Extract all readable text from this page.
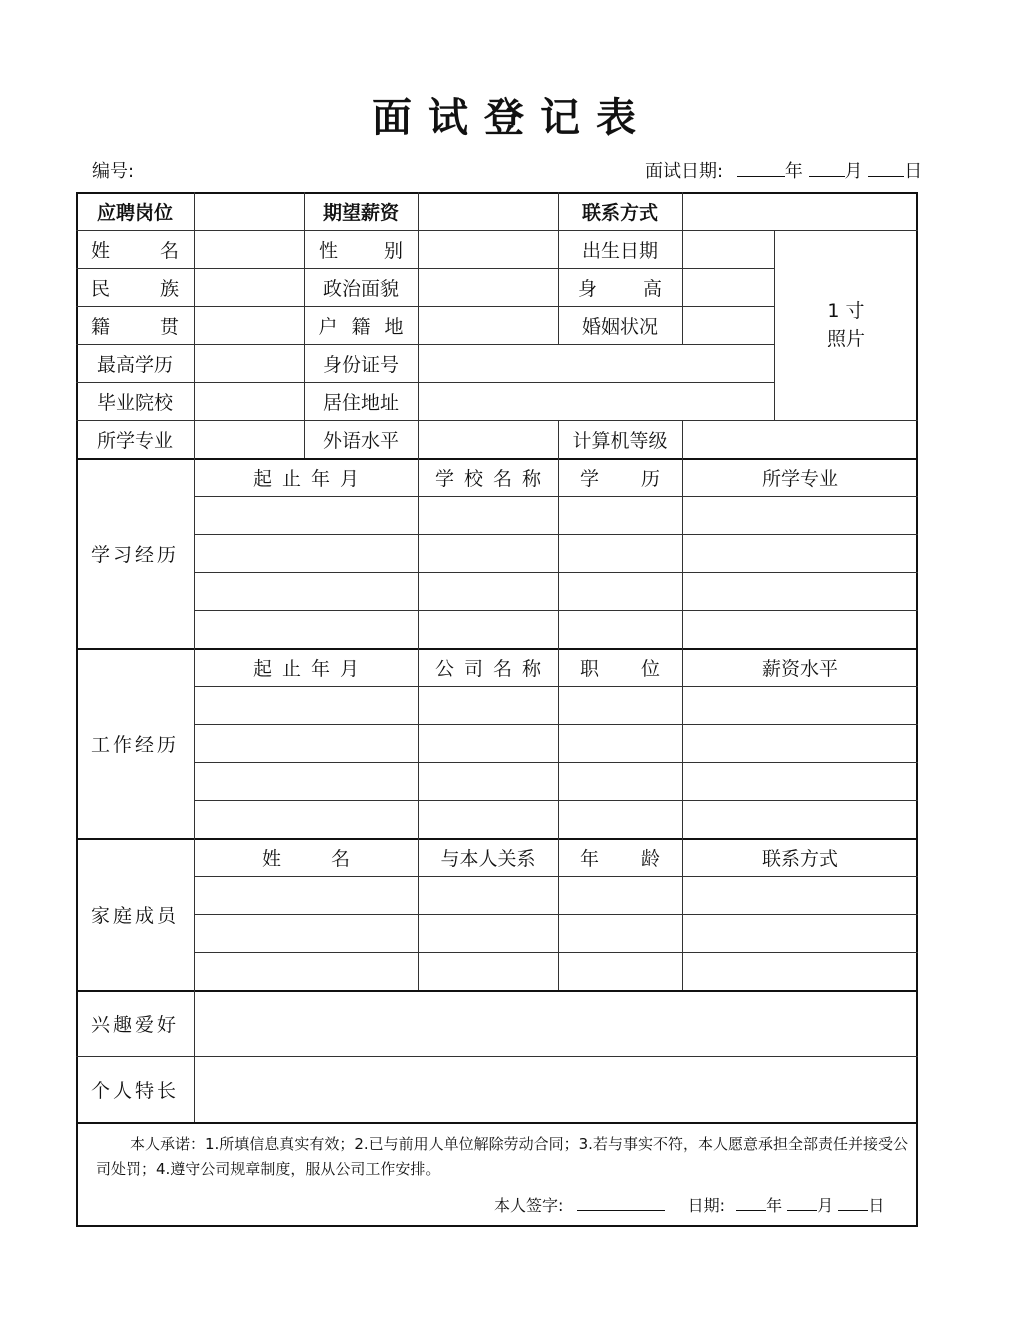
面试登记表
编号:	面试日期:	年 月 日
应聘岗位	期望薪资	联系方式
姓 名	性 别	出生日期
民 族	政治面貌	身 高
籍 贯	户 籍 地	婚姻状况
1 寸
照片
最高学历	身份证号
毕业院校	居住地址
所学专业	外语水平	计算机等级
学习经历
起 止 年 月	学 校 名 称	学 历	所学专业
工作经历
起 止 年 月	公 司 名 称	职 位	薪资水平
家庭成员
姓 名	与本人关系	年 龄	联系方式
兴趣爱好
个人特长
本人承诺：1.所填信息真实有效；2.已与前用人单位解除劳动合同；3.若与事实不符，本人愿意承担全部责任并接受公司处罚；4.遵守公司规章制度，服从公司工作安排。
本人签字:	日期:	年 月 日
